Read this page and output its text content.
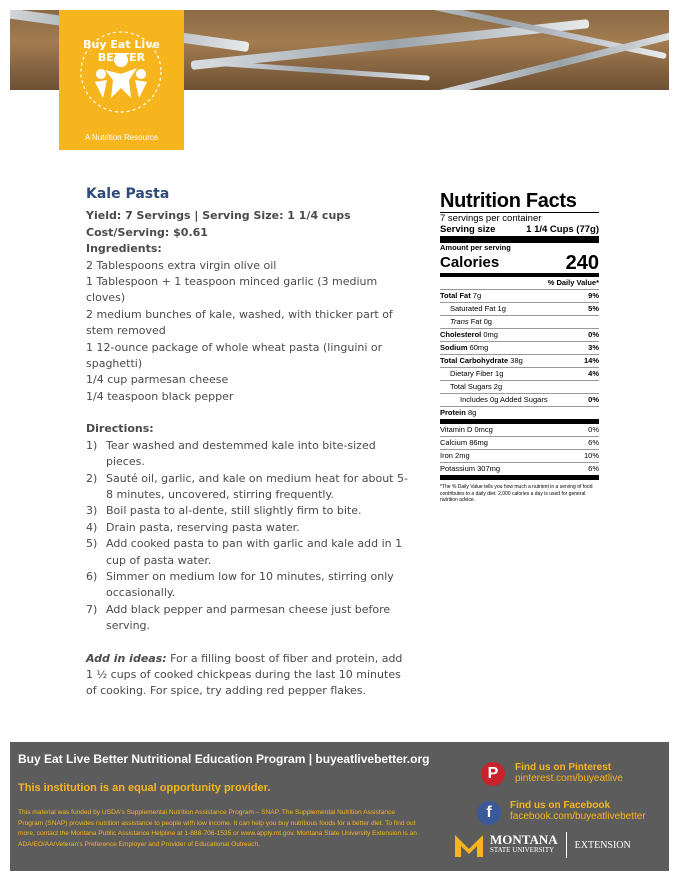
Buy Eat Live BETTER
A Nutrition Resource
Kale Pasta
Yield: 7 Servings | Serving Size: 1 1/4 cups
Cost/Serving: $0.61
Ingredients:
2 Tablespoons extra virgin olive oil
1 Tablespoon + 1 teaspoon minced garlic (3 medium cloves)
2 medium bunches of kale, washed, with thicker part of stem removed
1 12-ounce package of whole wheat pasta (linguini or spaghetti)
1/4 cup parmesan cheese
1/4 teaspoon black pepper
Directions:
1) Tear washed and destemmed kale into bite-sized pieces.
2) Sauté oil, garlic, and kale on medium heat for about 5-8 minutes, uncovered, stirring frequently.
3) Boil pasta to al-dente, still slightly firm to bite.
4) Drain pasta, reserving pasta water.
5) Add cooked pasta to pan with garlic and kale add in 1 cup of pasta water.
6) Simmer on medium low for 10 minutes, stirring only occasionally.
7) Add black pepper and parmesan cheese just before serving.
Add in ideas: For a filling boost of fiber and protein, add 1 ½ cups of cooked chickpeas during the last 10 minutes of cooking. For spice, try adding red pepper flakes.
Nutrition Facts
7 servings per container
Serving size	1 1/4 Cups (77g)
Amount per serving
Calories	240
% Daily Value*
Total Fat 7g	9%
Saturated Fat 1g	5%
Trans Fat 0g
Cholesterol 0mg	0%
Sodium 60mg	3%
Total Carbohydrate 38g	14%
Dietary Fiber 1g	4%
Total Sugars 2g
Includes 0g Added Sugars	0%
Protein 8g
Vitamin D 0mcg	0%
Calcium 86mg	6%
Iron 2mg	10%
Potassium 307mg	6%
*The % Daily Value tells you how much a nutrient in a serving of food contributes to a daily diet. 2,000 calories a day is used for general nutrition advice.
Buy Eat Live Better Nutritional Education Program | buyeatlivebetter.org
This institution is an equal opportunity provider.
This material was funded by USDA's Supplemental Nutrition Assistance Program – SNAP. The Supplemental Nutrition Assistance Program (SNAP) provides nutrition assistance to people with low income. It can help you buy nutritious foods for a better diet. To find out more, contact the Montana Public Assistance Helpline at 1-888-706-1535 or www.apply.mt.gov. Montana State University Extension is an ADA/EO/AA/Veteran's Preference Employer and Provider of Educational Outreach.
P	Find us on Pinterest
pinterest.com/buyeatlive
f	Find us on Facebook
facebook.com/buyeatlivebetter
MONTANA
STATE UNIVERSITY	EXTENSION
